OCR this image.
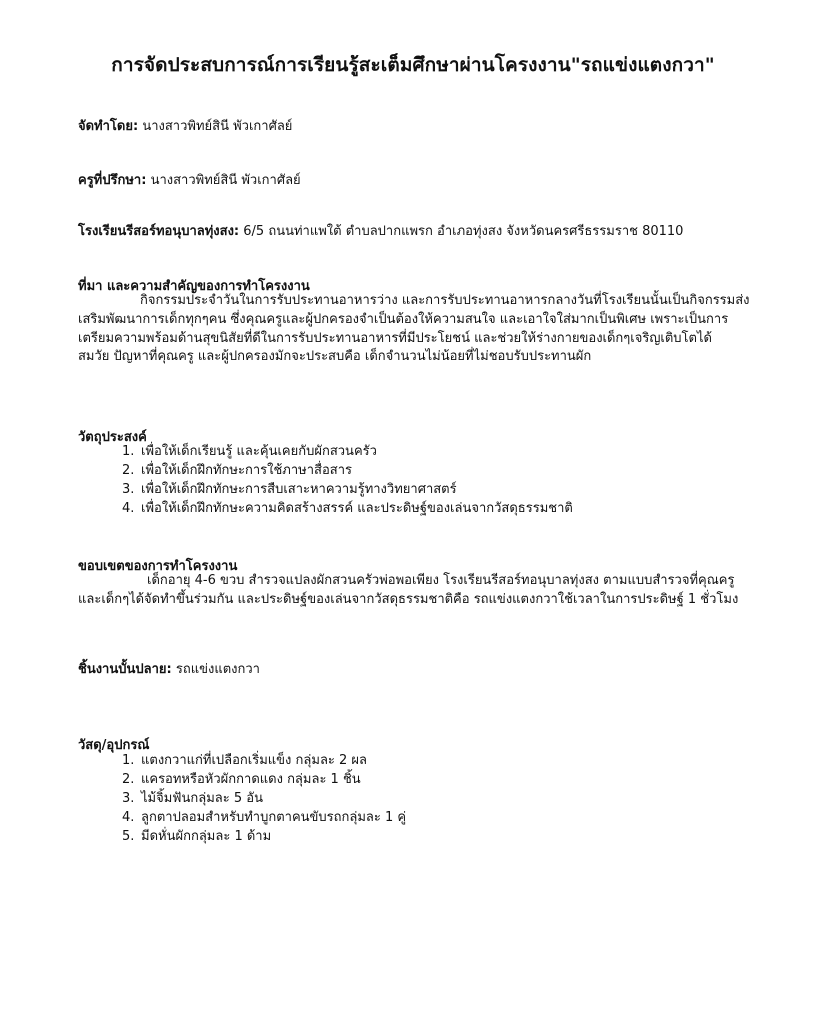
การจัดประสบการณ์การเรียนรู้สะเต็มศึกษาผ่านโครงงาน"รถแข่งแตงกวา"
จัดทำโดย: นางสาวพิทย์สินี พัวเกาศัลย์
ครูที่ปรึกษา: นางสาวพิทย์สินี พัวเกาศัลย์
โรงเรียนรีสอร์ทอนุบาลทุ่งสง: 6/5 ถนนท่าแพใต้ ตำบลปากแพรก อำเภอทุ่งสง จังหวัดนครศรีธรรมราช 80110
ที่มา และความสำคัญของการทำโครงงาน
กิจกรรมประจำวันในการรับประทานอาหารว่าง และการรับประทานอาหารกลางวันที่โรงเรียนนั้นเป็นกิจกรรมส่ง
เสริมพัฒนาการเด็กทุกๆคน ซึ่งคุณครูและผู้ปกครองจำเป็นต้องให้ความสนใจ และเอาใจใส่มากเป็นพิเศษ เพราะเป็นการ
เตรียมความพร้อมด้านสุขนิสัยที่ดีในการรับประทานอาหารที่มีประโยชน์ และช่วยให้ร่างกายของเด็กๆเจริญเติบโตได้
สมวัย ปัญหาที่คุณครู และผู้ปกครองมักจะประสบคือ เด็กจำนวนไม่น้อยที่ไม่ชอบรับประทานผัก
วัตถุประสงค์
1. เพื่อให้เด็กเรียนรู้ และคุ้นเคยกับผักสวนครัว
2. เพื่อให้เด็กฝึกทักษะการใช้ภาษาสื่อสาร
3. เพื่อให้เด็กฝึกทักษะการสืบเสาะหาความรู้ทางวิทยาศาสตร์
4. เพื่อให้เด็กฝึกทักษะความคิดสร้างสรรค์ และประดิษฐ์ของเล่นจากวัสดุธรรมชาติ
ขอบเขตของการทำโครงงาน
เด็กอายุ 4-6 ขวบ สำรวจแปลงผักสวนครัวพ่อพอเพียง โรงเรียนรีสอร์ทอนุบาลทุ่งสง ตามแบบสำรวจที่คุณครู
และเด็กๆได้จัดทำขึ้นร่วมกัน และประดิษฐ์ของเล่นจากวัสดุธรรมชาติคือ รถแข่งแตงกวาใช้เวลาในการประดิษฐ์ 1 ชั่วโมง
ชิ้นงานบั้นปลาย: รถแข่งแตงกวา
วัสดุ/อุปกรณ์
1. แตงกวาแก่ที่เปลือกเริ่มแข็ง กลุ่มละ 2 ผล
2. แครอทหรือหัวผักกาดแดง กลุ่มละ 1 ชิ้น
3. ไม้จิ้มฟันกลุ่มละ 5 อัน
4. ลูกตาปลอมสำหรับทำบูกตาคนขับรถกลุ่มละ 1 คู่
5. มีดหั่นผักกลุ่มละ 1 ด้าม
